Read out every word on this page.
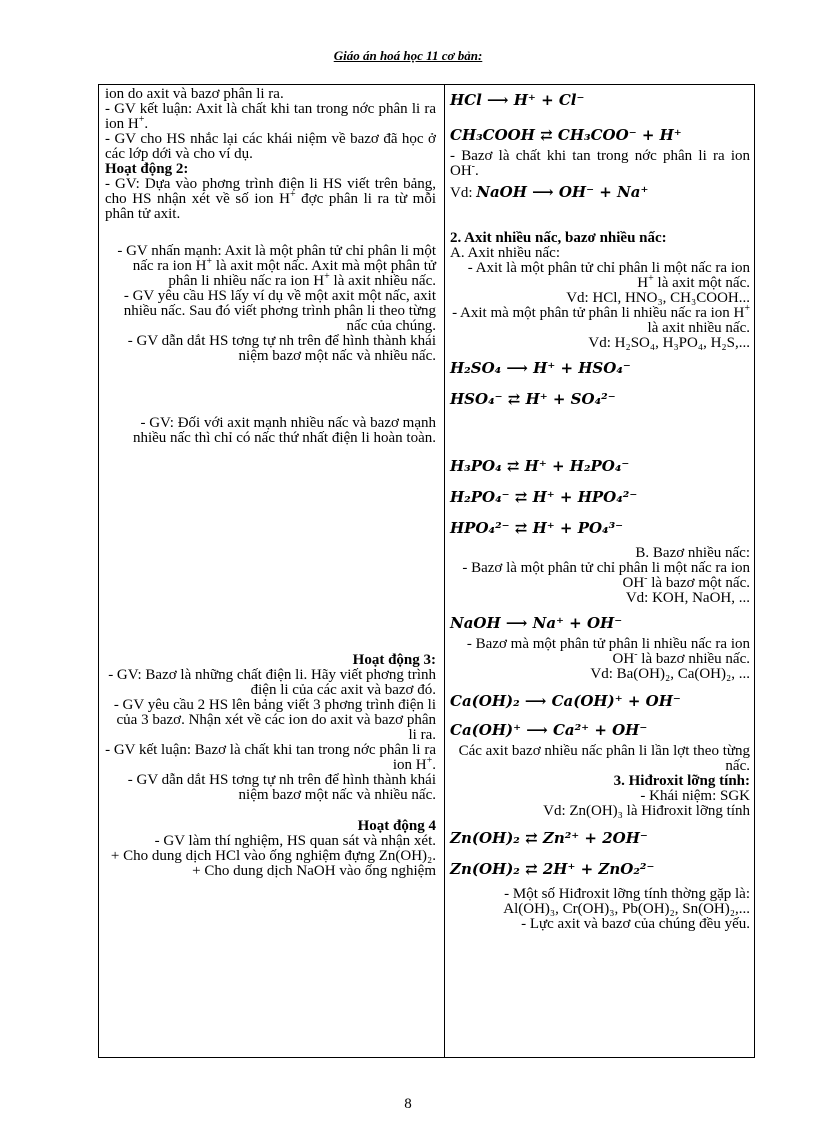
Giáo án hoá học 11 cơ bản:

ion do axit và bazơ phân li ra.

- GV kết luận: Axit là chất khi tan trong nớc phân li ra ion H+.

- GV cho HS nhắc lại các khái niệm về bazơ đã học ở các lớp dới và cho ví dụ.

Hoạt động 2:

- GV: Dựa vào phơng trình điện li HS viết trên bảng, cho HS nhận xét về số ion H+ đợc phân li ra từ mỗi phân tử axit.

- GV nhấn mạnh: Axit là một phân tử chỉ phân li một nấc ra ion H+ là axit một nấc. Axit mà một phân tử phân li nhiều nấc ra ion H+ là axit nhiều nấc.

- GV yêu cầu HS lấy ví dụ về một axit một nấc, axit nhiều nấc. Sau đó viết phơng trình phân li theo từng nấc của chúng.

- GV dẫn dắt HS tơng tự nh trên để hình thành khái niệm bazơ một nấc và nhiều nấc.

- GV: Đối với axit mạnh nhiều nấc và bazơ mạnh nhiều nấc thì chỉ có nấc thứ nhất điện li hoàn toàn.

Hoạt động 3:

- GV: Bazơ là những chất điện li. Hãy viết phơng trình điện li của các axit và bazơ đó.

- GV yêu cầu 2 HS lên bảng viết 3 phơng trình điện li của 3 bazơ. Nhận xét về các ion do axit và bazơ phân li ra.

- GV kết luận: Bazơ là chất khi tan trong nớc phân li ra ion H+.

- GV dẫn dắt HS tơng tự nh trên để hình thành khái niệm bazơ một nấc và nhiều nấc.

Hoạt động 4

- GV làm thí nghiệm, HS quan sát và nhận xét.

+ Cho dung dịch HCl vào ống nghiệm đựng Zn(OH)₂.

+ Cho dung dịch NaOH vào ống nghiệm

HCl ⟶ H⁺ + Cl⁻

CH₃COOH ⇄ CH₃COO⁻ + H⁺

- Bazơ là chất khi tan trong nớc phân li ra ion OH-.

Vd: NaOH ⟶ OH⁻ + Na⁺

2. Axit nhiều nấc, bazơ nhiều nấc:

A. Axit nhiều nấc:

- Axit là một phân tử chỉ phân li một nấc ra ion H+ là axit một nấc.

Vd: HCl, HNO₃, CH₃COOH...

- Axit mà một phân tử phân li nhiều nấc ra ion H+ là axit nhiều nấc.

Vd: H₂SO₄, H₃PO₄, H₂S,...

H₂SO₄ ⟶ H⁺ + HSO₄⁻

HSO₄⁻ ⇄ H⁺ + SO₄²⁻

H₃PO₄ ⇄ H⁺ + H₂PO₄⁻

H₂PO₄⁻ ⇄ H⁺ + HPO₄²⁻

HPO₄²⁻ ⇄ H⁺ + PO₄³⁻

B. Bazơ nhiều nấc:

- Bazơ là một phân tử chỉ phân li một nấc ra ion OH- là bazơ một nấc.

Vd: KOH, NaOH, ...

NaOH ⟶ Na⁺ + OH⁻

- Bazơ mà một phân tử phân li nhiều nấc ra ion OH- là bazơ nhiều nấc.

Vd: Ba(OH)₂, Ca(OH)₂, ...

Ca(OH)₂ ⟶ Ca(OH)⁺ + OH⁻

Ca(OH)⁺ ⟶ Ca²⁺ + OH⁻

Các axit bazơ nhiều nấc phân li lần lợt theo từng nấc.

3. Hiđroxit lỡng tính:

- Khái niệm: SGK

Vd: Zn(OH)₃ là Hiđroxit lỡng tính

Zn(OH)₂ ⇄ Zn²⁺ + 2OH⁻

Zn(OH)₂ ⇄ 2H⁺ + ZnO₂²⁻

- Một số Hiđroxit lỡng tính thờng gặp là: Al(OH)₃, Cr(OH)₃, Pb(OH)₂, Sn(OH)₂,...

- Lực axit và bazơ của chúng đều yếu.

8
